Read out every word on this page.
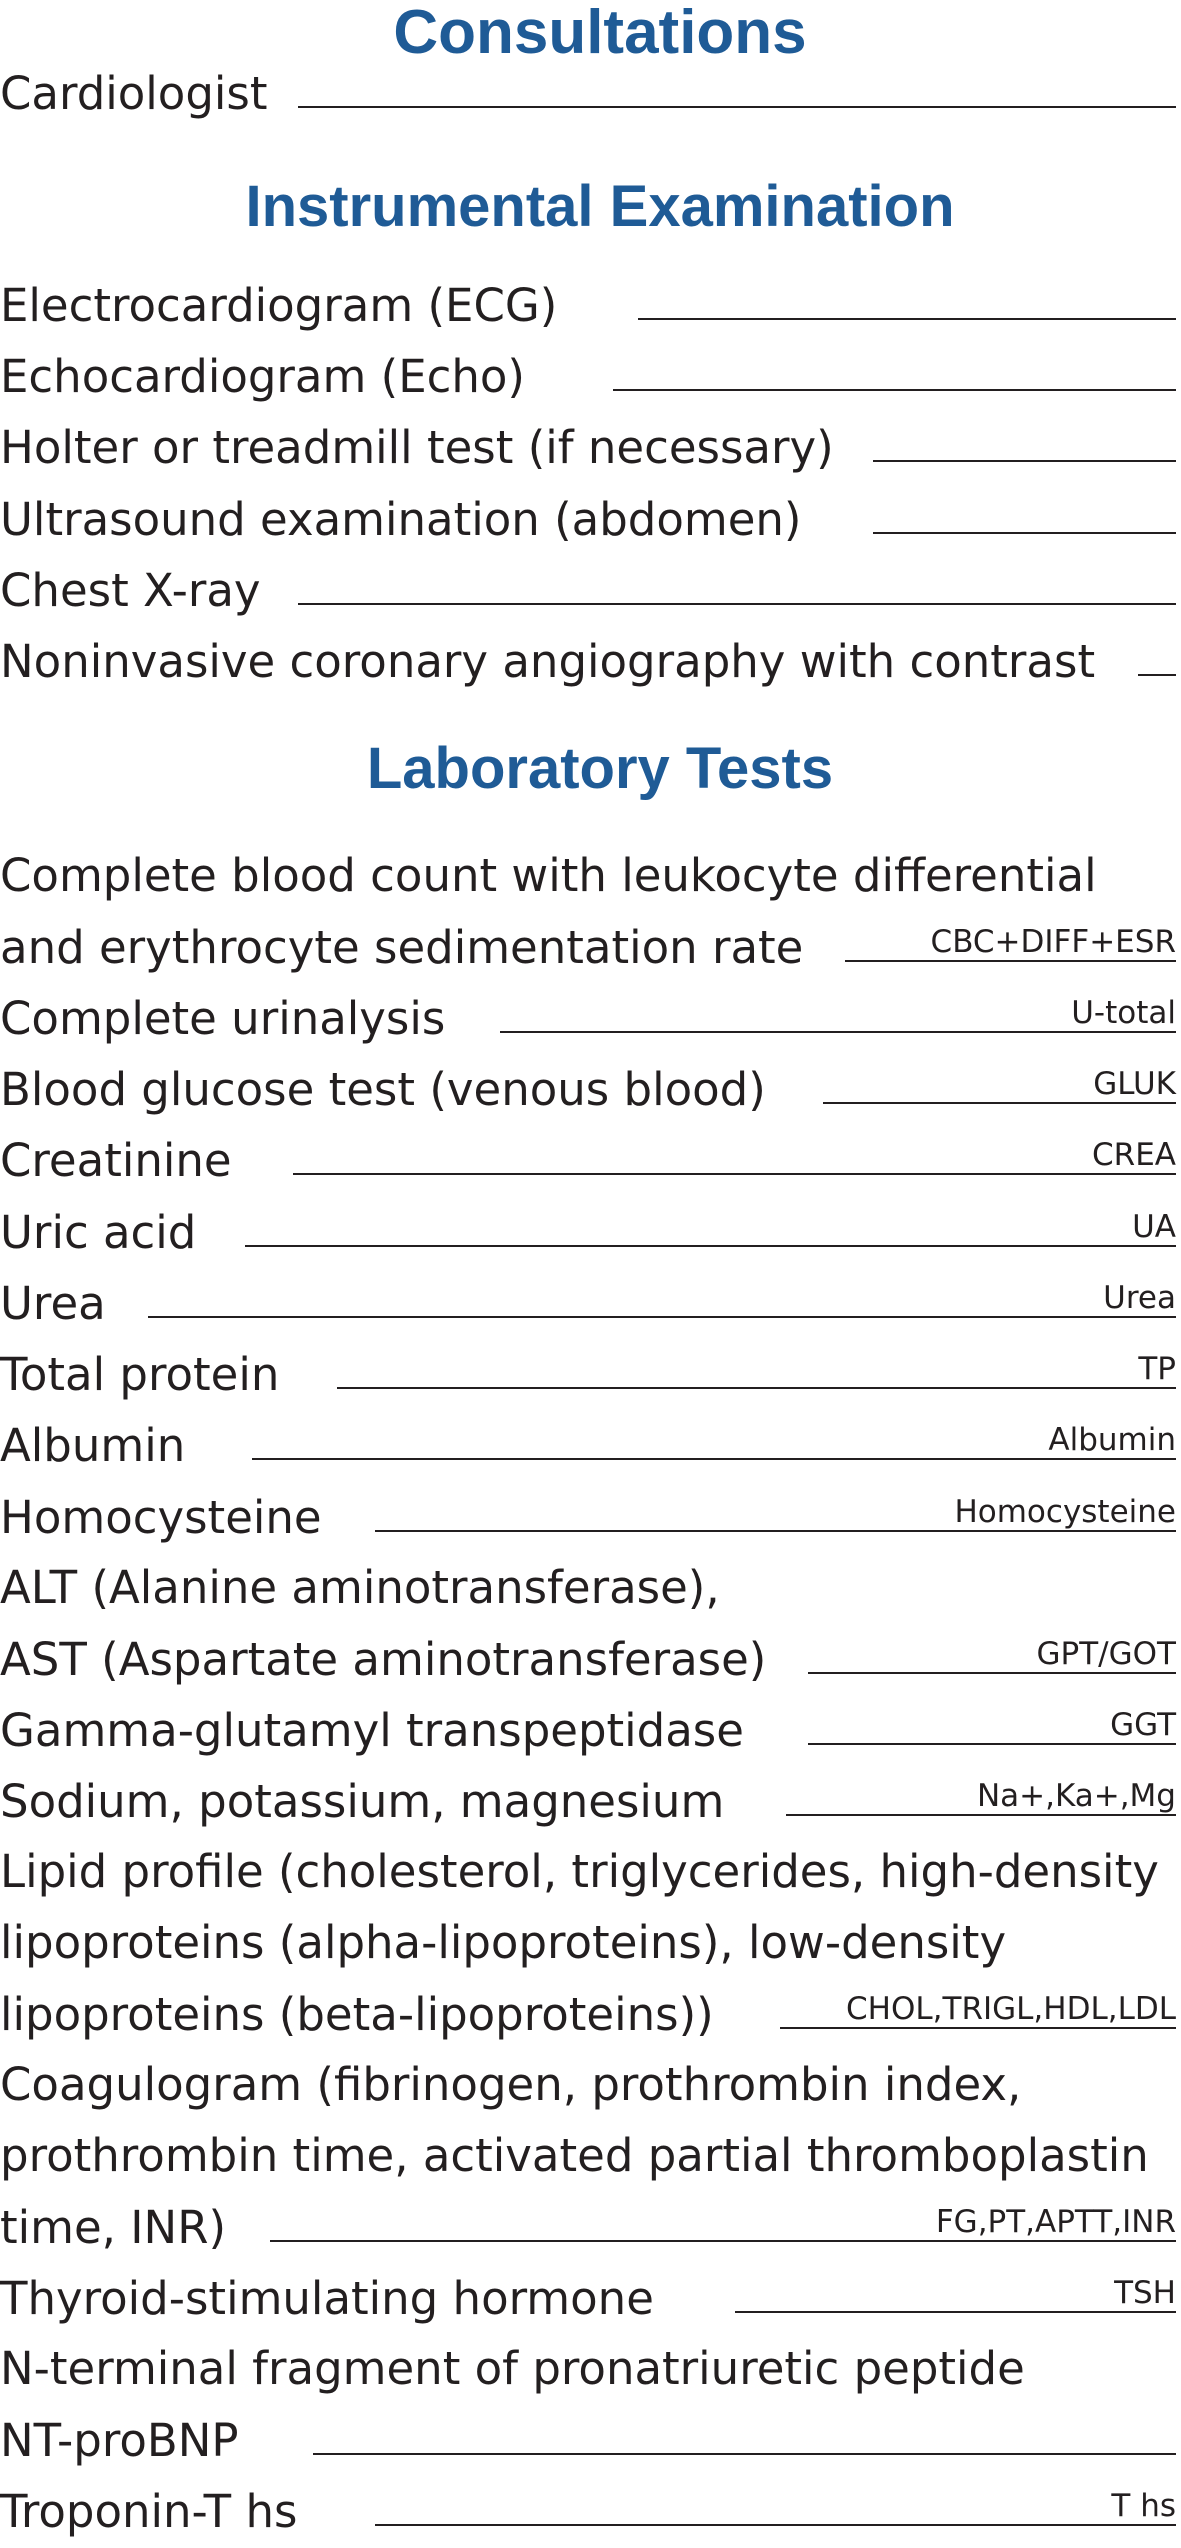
Consultations
Cardiologist
Instrumental Examination
Electrocardiogram (ECG)
Echocardiogram (Echo)
Holter or treadmill test (if necessary)
Ultrasound examination (abdomen)
Chest X-ray
Noninvasive coronary angiography with contrast
Laboratory Tests
Complete blood count with leukocyte differential
and erythrocyte sedimentation rate	CBC+DIFF+ESR
Complete urinalysis	U-total
Blood glucose test (venous blood)	GLUK
Creatinine	CREA
Uric acid	UA
Urea	Urea
Total protein	TP
Albumin	Albumin
Homocysteine	Homocysteine
ALT (Alanine aminotransferase),
AST (Aspartate aminotransferase)	GPT/GOT
Gamma-glutamyl transpeptidase	GGT
Sodium, potassium, magnesium	Na+,Ka+,Mg
Lipid profile (cholesterol, triglycerides, high-density
lipoproteins (alpha-lipoproteins), low-density
lipoproteins (beta-lipoproteins))	CHOL,TRIGL,HDL,LDL
Coagulogram (fibrinogen, prothrombin index,
prothrombin time, activated partial thromboplastin
time, INR)	FG,PT,APTT,INR
Thyroid-stimulating hormone	TSH
N-terminal fragment of pronatriuretic peptide
NT-proBNP
Troponin-T hs	T hs
